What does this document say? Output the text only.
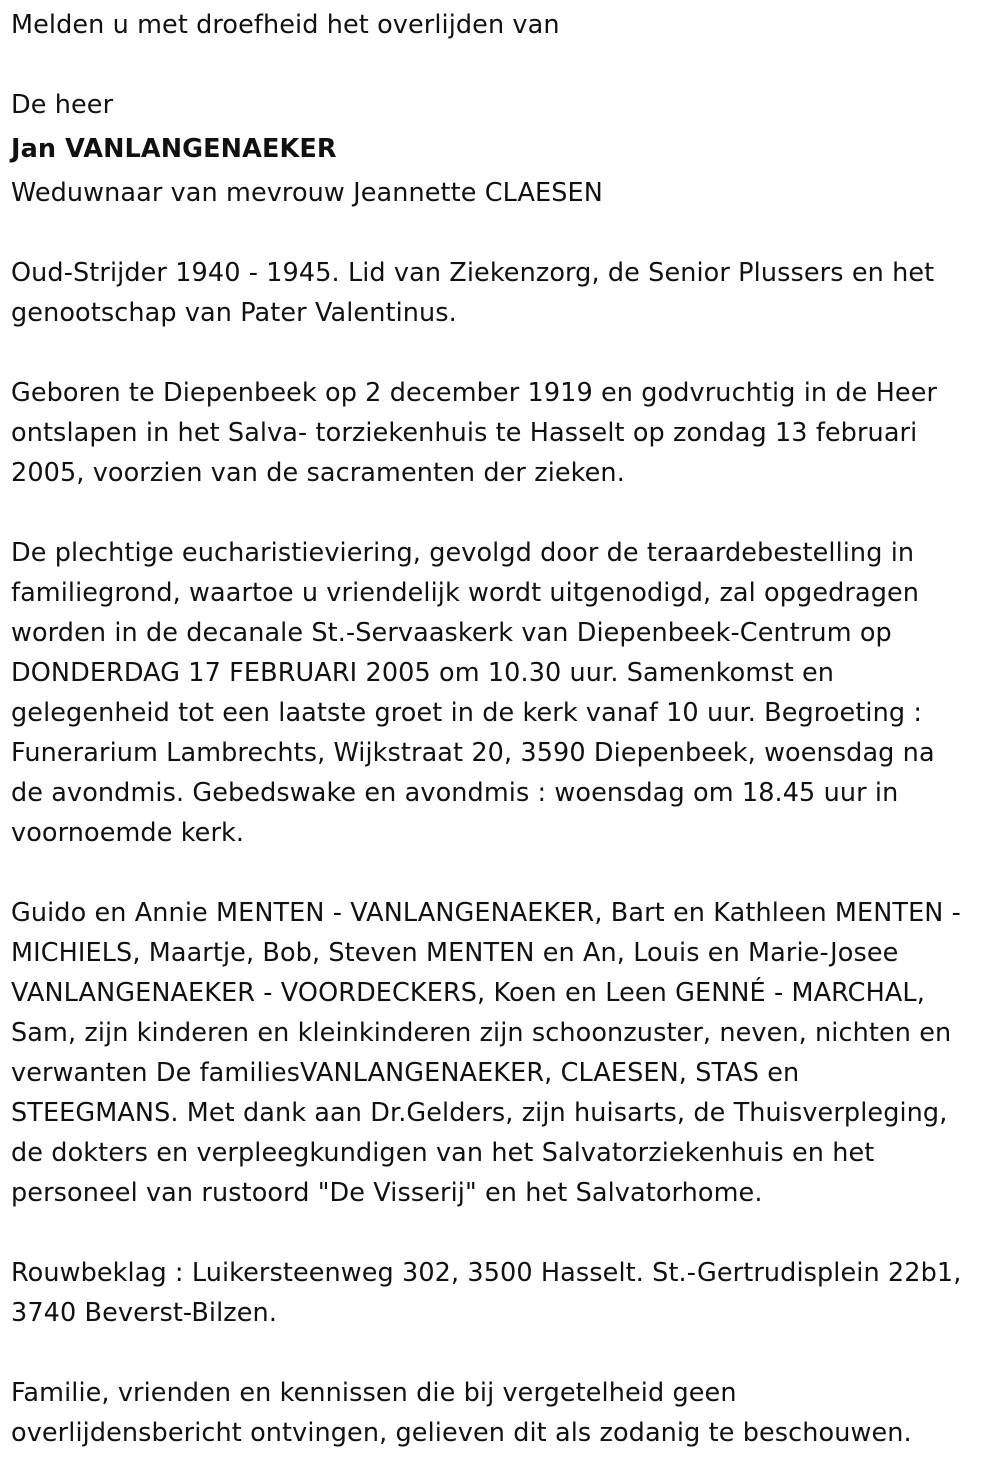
Melden u met droefheid het overlijden van
De heer
Jan VANLANGENAEKER
Weduwnaar van mevrouw Jeannette CLAESEN
Oud-Strijder 1940 - 1945. Lid van Ziekenzorg, de Senior Plussers en het
genootschap van Pater Valentinus.
Geboren te Diepenbeek op 2 december 1919 en godvruchtig in de Heer
ontslapen in het Salva- torziekenhuis te Hasselt op zondag 13 februari
2005, voorzien van de sacramenten der zieken.
De plechtige eucharistieviering, gevolgd door de teraardebestelling in
familiegrond, waartoe u vriendelijk wordt uitgenodigd, zal opgedragen
worden in de decanale St.-Servaaskerk van Diepenbeek-Centrum op
DONDERDAG 17 FEBRUARI 2005 om 10.30 uur. Samenkomst en
gelegenheid tot een laatste groet in de kerk vanaf 10 uur. Begroeting :
Funerarium Lambrechts, Wijkstraat 20, 3590 Diepenbeek, woensdag na
de avondmis. Gebedswake en avondmis : woensdag om 18.45 uur in
voornoemde kerk.
Guido en Annie MENTEN - VANLANGENAEKER, Bart en Kathleen MENTEN -
MICHIELS, Maartje, Bob, Steven MENTEN en An, Louis en Marie-Josee
VANLANGENAEKER - VOORDECKERS, Koen en Leen GENNÉ - MARCHAL,
Sam, zijn kinderen en kleinkinderen zijn schoonzuster, neven, nichten en
verwanten De familiesVANLANGENAEKER, CLAESEN, STAS en
STEEGMANS. Met dank aan Dr.Gelders, zijn huisarts, de Thuisverpleging,
de dokters en verpleegkundigen van het Salvatorziekenhuis en het
personeel van rustoord "De Visserij" en het Salvatorhome.
Rouwbeklag : Luikersteenweg 302, 3500 Hasselt. St.-Gertrudisplein 22b1,
3740 Beverst-Bilzen.
Familie, vrienden en kennissen die bij vergetelheid geen
overlijdensbericht ontvingen, gelieven dit als zodanig te beschouwen.
